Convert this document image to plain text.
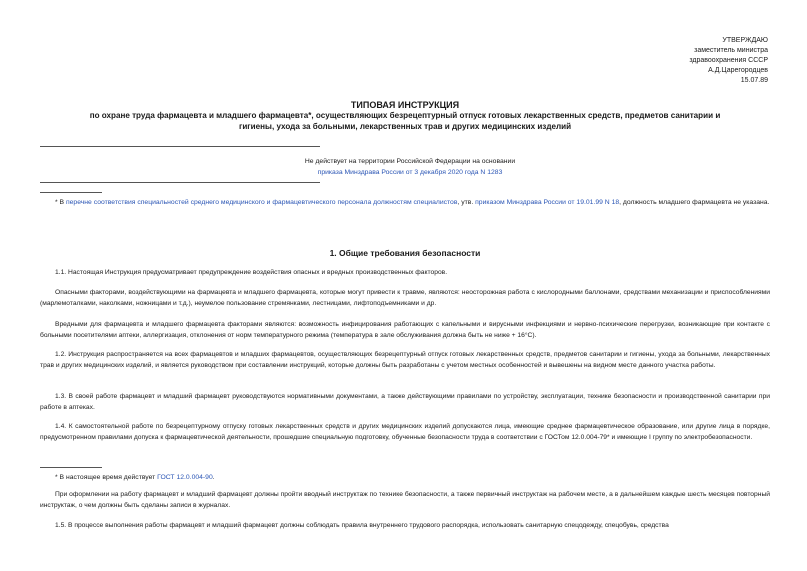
УТВЕРЖДАЮ
заместитель министра
здравоохранения СССР
А.Д.Царегородцев
15.07.89
ТИПОВАЯ ИНСТРУКЦИЯ
по охране труда фармацевта и младшего фармацевта*, осуществляющих безрецептурный отпуск готовых лекарственных средств, предметов санитарии и
гигиены, ухода за больными, лекарственных трав и других медицинских изделий
Не действует на территории Российской Федерации на основании
приказа Минздрава России от 3 декабря 2020 года N 1283
* В перечне соответствия специальностей среднего медицинского и фармацевтического персонала должностям специалистов, утв. приказом Минздрава России от 19.01.99 N 18, должность младшего фармацевта не указана.
1. Общие требования безопасности
1.1. Настоящая Инструкция предусматривает предупреждение воздействия опасных и вредных производственных факторов.
Опасными факторами, воздействующими на фармацевта и младшего фармацевта, которые могут привести к травме, являются: неосторожная работа с кислородными баллонами, средствами механизации и приспособлениями (марлемоталками, наколками, ножницами и т.д.), неумелое пользование стремянками, лестницами, лифтоподъемниками и др.
Вредными для фармацевта и младшего фармацевта факторами являются: возможность инфицирования работающих с капельными и вирусными инфекциями и нервно-психические перегрузки, возникающие при контакте с больными посетителями аптеки, аллергизация, отклонения от норм температурного режима (температура в зале обслуживания должна быть не ниже + 16°С).
1.2. Инструкция распространяется на всех фармацевтов и младших фармацевтов, осуществляющих безрецептурный отпуск готовых лекарственных средств, предметов санитарии и гигиены, ухода за больными, лекарственных трав и других медицинских изделий, и является руководством при составлении инструкций, которые должны быть разработаны с учетом местных особенностей и вывешены на видном месте данного участка работы.
1.3. В своей работе фармацевт и младший фармацевт руководствуются нормативными документами, а также действующими правилами по устройству, эксплуатации, технике безопасности и производственной санитарии при работе в аптеках.
1.4. К самостоятельной работе по безрецептурному отпуску готовых лекарственных средств и других медицинских изделий допускаются лица, имеющие среднее фармацевтическое образование, или другие лица в порядке, предусмотренном правилами допуска к фармацевтической деятельности, прошедшие специальную подготовку, обученные безопасности труда в соответствии с ГОСТом 12.0.004-79* и имеющие I группу по электробезопасности.
* В настоящее время действует ГОСТ 12.0.004-90.
При оформлении на работу фармацевт и младший фармацевт должны пройти вводный инструктаж по технике безопасности, а также первичный инструктаж на рабочем месте, а в дальнейшем каждые шесть месяцев повторный инструктаж, о чем должны быть сделаны записи в журналах.
1.5. В процессе выполнения работы фармацевт и младший фармацевт должны соблюдать правила внутреннего трудового распорядка, использовать санитарную спецодежду, спецобувь, средства
